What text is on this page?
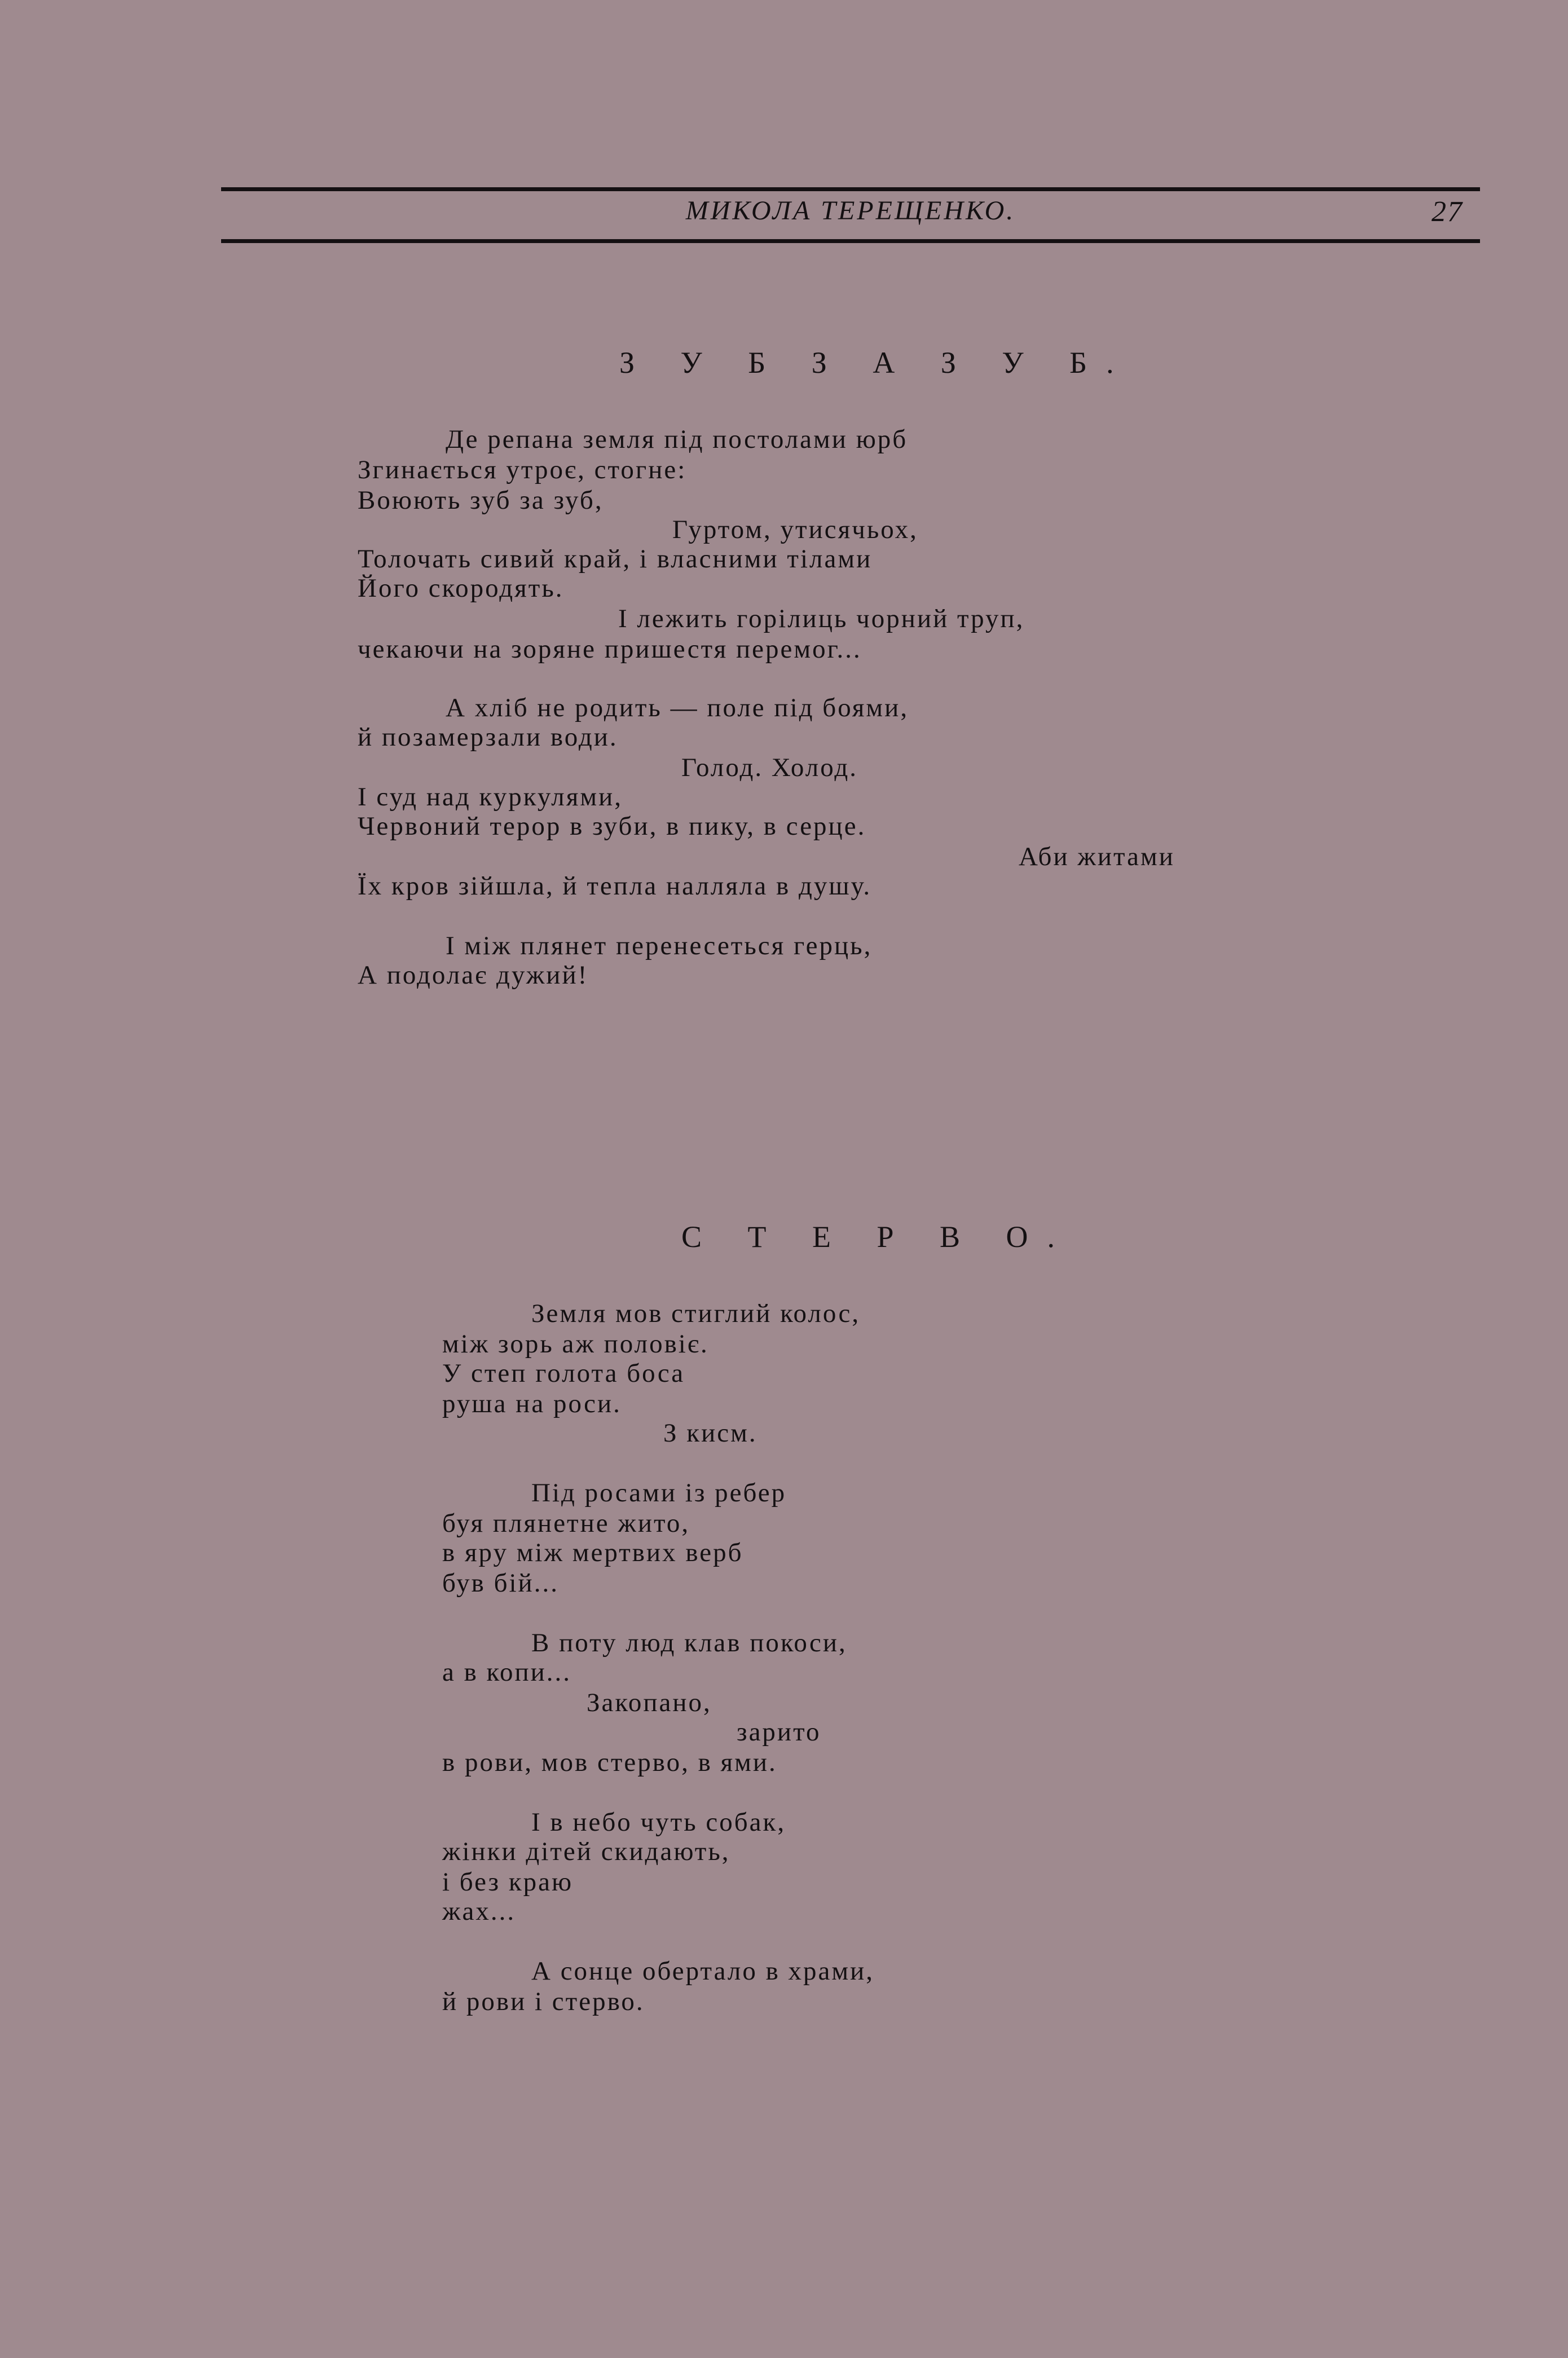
МИКОЛА ТЕРЕЩЕНКО.	27
З У Б З А З У Б.
Де репана земля під постолами юрб
Згинається утроє, стогне:
Воюють зуб за зуб,
Гуртом, утисячьох,
Толочать сивий край, і власними тілами
Його скородять.
І лежить горілиць чорний труп,
чекаючи на зоряне пришестя перемог...
А хліб не родить — поле під боями,
й позамерзали води.
Голод. Холод.
І суд над куркулями,
Червоний терор в зуби, в пику, в серце.
Аби житами
Їх кров зійшла, й тепла налляла в душу.
І між плянет перенесеться герць,
А подолає дужий!
С Т Е Р В О.
Земля мов стиглий колос,
між зорь аж половіє.
У степ голота боса
руша на роси.
З кисм.
Під росами із ребер
буя плянетне жито,
в яру між мертвих верб
був бій...
В поту люд клав покоси,
а в копи...
Закопано,
зарито
в рови, мов стерво, в ями.
І в небо чуть собак,
жінки дітей скидають,
і без краю
жах...
А сонце обертало в храми,
й рови і стерво.
